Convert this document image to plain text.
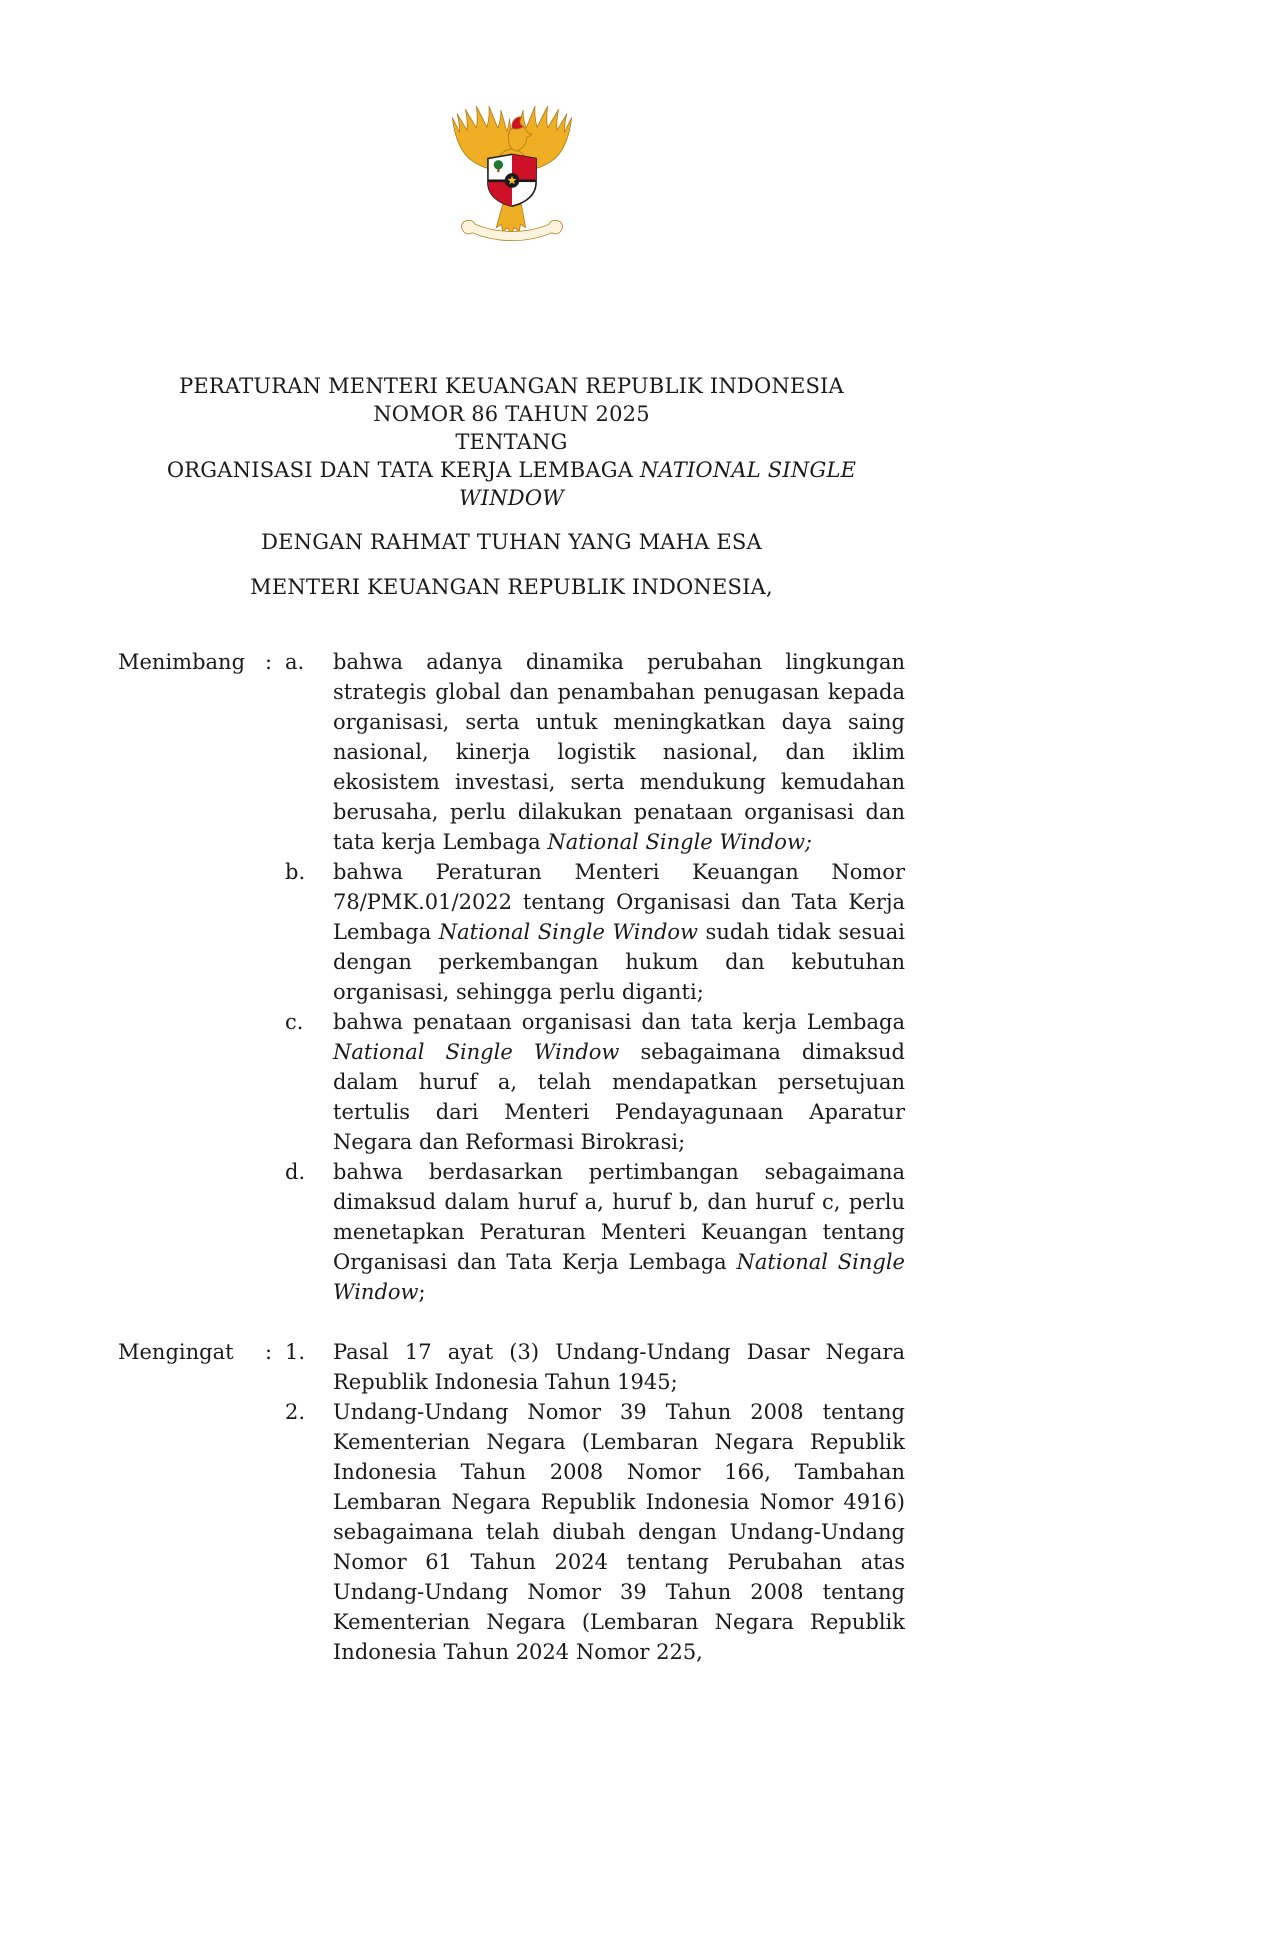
PERATURAN MENTERI KEUANGAN REPUBLIK INDONESIA
NOMOR 86 TAHUN 2025
TENTANG
ORGANISASI DAN TATA KERJA LEMBAGA NATIONAL SINGLE WINDOW
DENGAN RAHMAT TUHAN YANG MAHA ESA
MENTERI KEUANGAN REPUBLIK INDONESIA,
Menimbang : a.	bahwa adanya dinamika perubahan lingkungan strategis global dan penambahan penugasan kepada organisasi, serta untuk meningkatkan daya saing nasional, kinerja logistik nasional, dan iklim ekosistem investasi, serta mendukung kemudahan berusaha, perlu dilakukan penataan organisasi dan tata kerja Lembaga National Single Window;
b.	bahwa Peraturan Menteri Keuangan Nomor 78/PMK.01/2022 tentang Organisasi dan Tata Kerja Lembaga National Single Window sudah tidak sesuai dengan perkembangan hukum dan kebutuhan organisasi, sehingga perlu diganti;
c.	bahwa penataan organisasi dan tata kerja Lembaga National Single Window sebagaimana dimaksud dalam huruf a, telah mendapatkan persetujuan tertulis dari Menteri Pendayagunaan Aparatur Negara dan Reformasi Birokrasi;
d.	bahwa berdasarkan pertimbangan sebagaimana dimaksud dalam huruf a, huruf b, dan huruf c, perlu menetapkan Peraturan Menteri Keuangan tentang Organisasi dan Tata Kerja Lembaga National Single Window;
Mengingat	: 1.	Pasal 17 ayat (3) Undang-Undang Dasar Negara Republik Indonesia Tahun 1945;
2.	Undang-Undang Nomor 39 Tahun 2008 tentang Kementerian Negara (Lembaran Negara Republik Indonesia Tahun 2008 Nomor 166, Tambahan Lembaran Negara Republik Indonesia Nomor 4916) sebagaimana telah diubah dengan Undang-Undang Nomor 61 Tahun 2024 tentang Perubahan atas Undang-Undang Nomor 39 Tahun 2008 tentang Kementerian Negara (Lembaran Negara Republik Indonesia Tahun 2024 Nomor 225,
